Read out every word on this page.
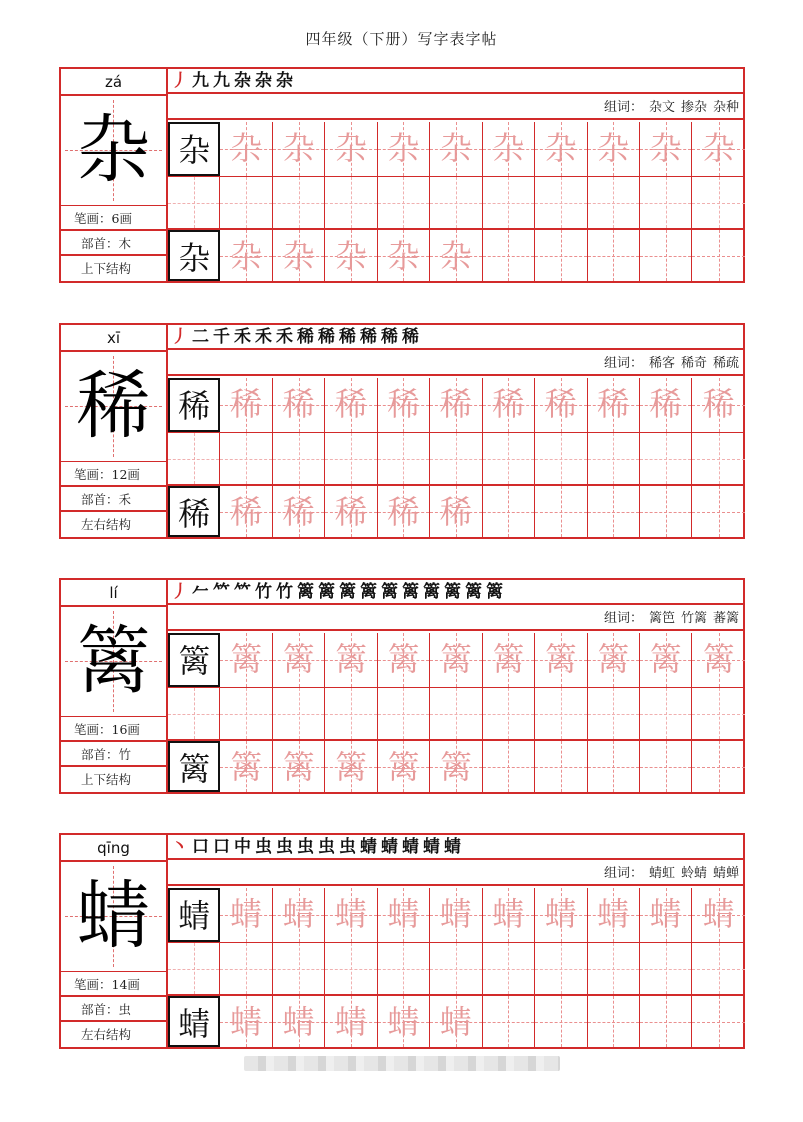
四年级（下册）写字表字帖
zá
杂
笔画：6画
部首：木
上下结构
丿 九 九 杂 杂 杂
组词： 杂文 掺杂 杂种
杂 杂 杂 杂 杂 杂 杂 杂 杂 杂 杂
杂 杂 杂 杂 杂 杂
xī
稀
笔画：12画
部首：禾
左右结构
丿 二 千 禾 禾 禾 稀 稀 稀 稀 稀 稀
组词： 稀客 稀奇 稀疏
稀 稀 稀 稀 稀 稀 稀 稀 稀 稀 稀
稀 稀 稀 稀 稀 稀
lí
篱
笔画：16画
部首：竹
上下结构
丿 𠂉 𥫗 𥫗 竹 竹 篱 篱 篱 篱 篱 篱 篱 篱 篱 篱
组词： 篱笆 竹篱 蕃篱
篱 篱 篱 篱 篱 篱 篱 篱 篱 篱 篱
篱 篱 篱 篱 篱 篱
qīng
蜻
笔画：14画
部首：虫
左右结构
丶 口 口 中 虫 虫 虫 虫 虫 蜻 蜻 蜻 蜻 蜻
组词： 蜻虹 蛉蜻 蜻蝉
蜻 蜻 蜻 蜻 蜻 蜻 蜻 蜻 蜻 蜻 蜻
蜻 蜻 蜻 蜻 蜻 蜻
